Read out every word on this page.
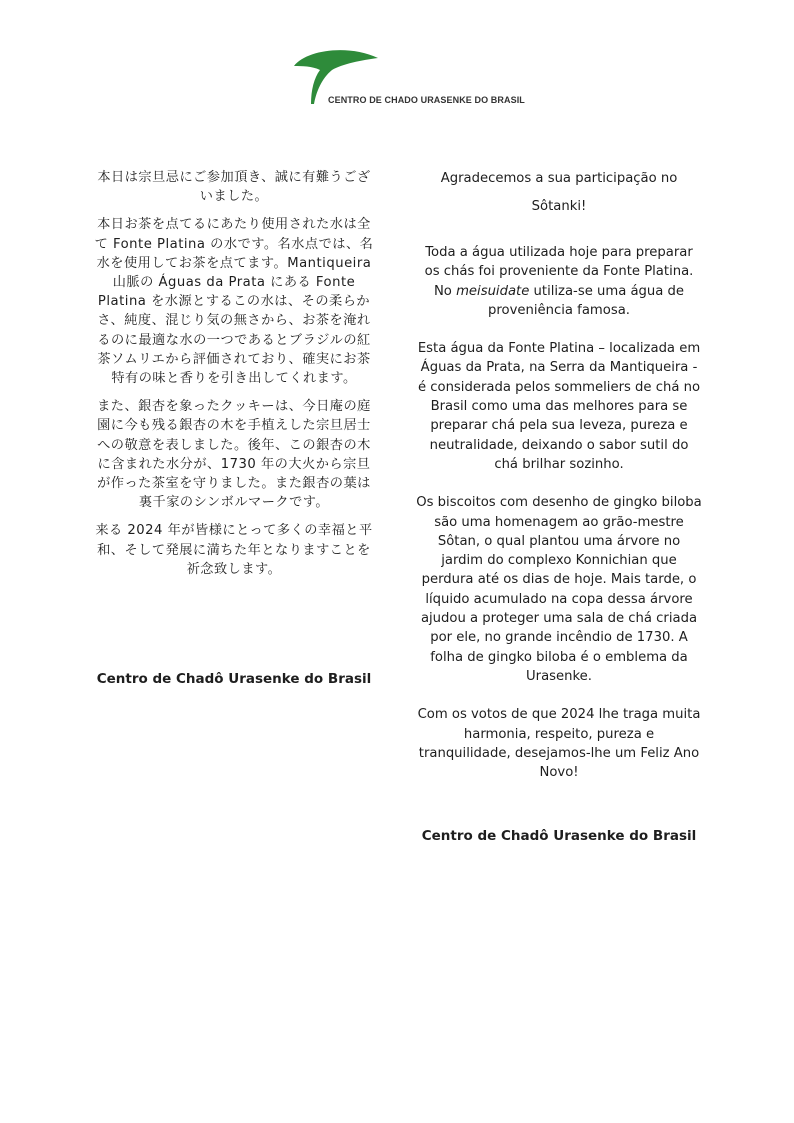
CENTRO DE CHADO URASENKE DO BRASIL

本日は宗旦忌にご参加頂き、誠に有難うございました。

本日お茶を点てるにあたり使用された水は全て Fonte Platina の水です。名水点では、名水を使用してお茶を点てます。Mantiqueira 山脈の Águas da Prata にある Fonte Platina を水源とするこの水は、その柔らかさ、純度、混じり気の無さから、お茶を淹れるのに最適な水の一つであるとブラジルの紅茶ソムリエから評価されており、確実にお茶特有の味と香りを引き出してくれます。

また、銀杏を象ったクッキーは、今日庵の庭園に今も残る銀杏の木を手植えした宗旦居士への敬意を表しました。後年、この銀杏の木に含まれた水分が、1730 年の大火から宗旦が作った茶室を守りました。また銀杏の葉は裏千家のシンボルマークです。

来る 2024 年が皆様にとって多くの幸福と平和、そして発展に満ちた年となりますことを祈念致します。

Centro de Chadô Urasenke do Brasil

Agradecemos a sua participação no

Sôtanki!

Toda a água utilizada hoje para preparar os chás foi proveniente da Fonte Platina. No meisuidate utiliza-se uma água de proveniência famosa.

Esta água da Fonte Platina – localizada em Águas da Prata, na Serra da Mantiqueira - é considerada pelos sommeliers de chá no Brasil como uma das melhores para se preparar chá pela sua leveza, pureza e neutralidade, deixando o sabor sutil do chá brilhar sozinho.

Os biscoitos com desenho de gingko biloba são uma homenagem ao grão-mestre Sôtan, o qual plantou uma árvore no jardim do complexo Konnichian que perdura até os dias de hoje. Mais tarde, o líquido acumulado na copa dessa árvore ajudou a proteger uma sala de chá criada por ele, no grande incêndio de 1730. A folha de gingko biloba é o emblema da Urasenke.

Com os votos de que 2024 lhe traga muita harmonia, respeito, pureza e tranquilidade, desejamos-lhe um Feliz Ano Novo!

Centro de Chadô Urasenke do Brasil
